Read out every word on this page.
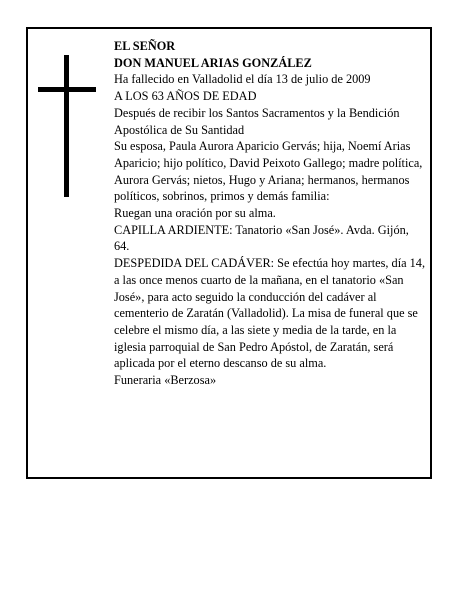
EL SEÑOR

DON MANUEL ARIAS GONZÁLEZ

Ha fallecido en Valladolid el día 13 de julio de 2009

A LOS 63 AÑOS DE EDAD

Después de recibir los Santos Sacramentos y la Bendición Apostólica de Su Santidad

Su esposa, Paula Aurora Aparicio Gervás; hija, Noemí Arias Aparicio; hijo político, David Peixoto Gallego; madre política, Aurora Gervás; nietos, Hugo y Ariana; hermanos, hermanos políticos, sobrinos, primos y demás familia:

Ruegan una oración por su alma.

CAPILLA ARDIENTE: Tanatorio «San José». Avda. Gijón, 64.

DESPEDIDA DEL CADÁVER: Se efectúa hoy martes, día 14, a las once menos cuarto de la mañana, en el tanatorio «San José», para acto seguido la conducción del cadáver al cementerio de Zaratán (Valladolid). La misa de funeral que se celebre el mismo día, a las siete y media de la tarde, en la iglesia parroquial de San Pedro Apóstol, de Zaratán, será aplicada por el eterno descanso de su alma.

Funeraria «Berzosa»
